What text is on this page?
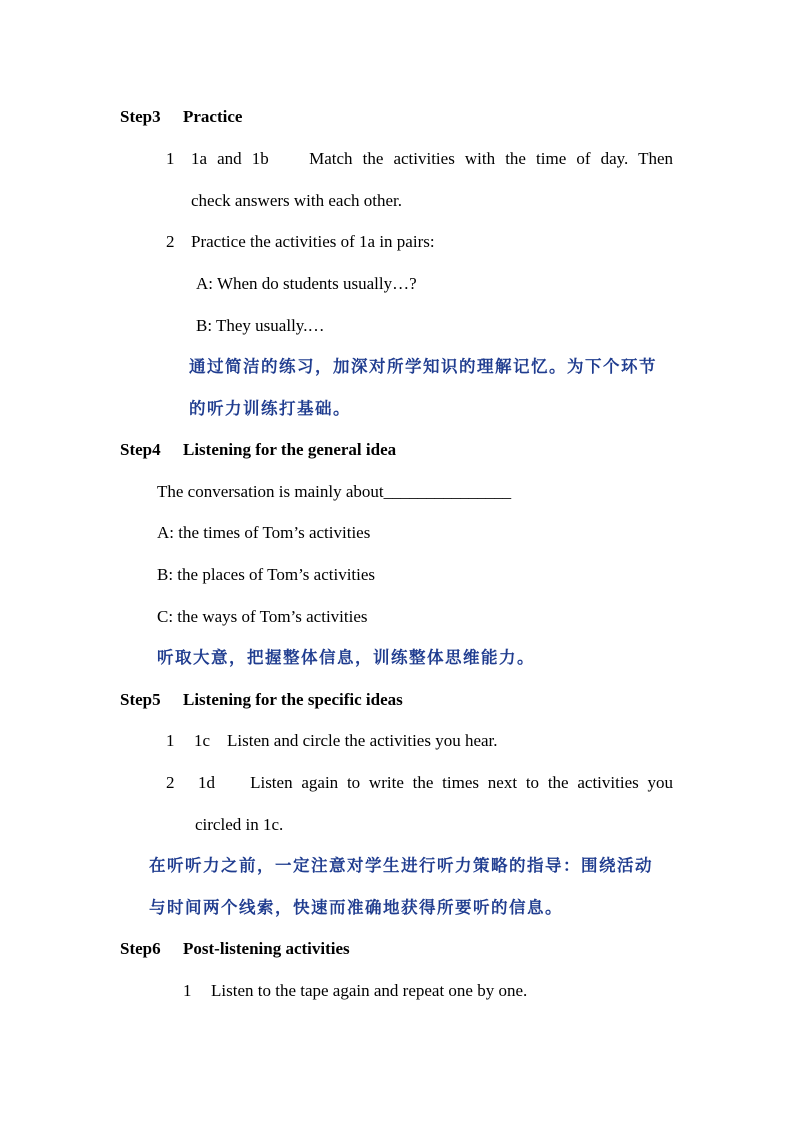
Step3 Practice
1 1a and 1b    Match the activities with the time of day. Then
check answers with each other.
2 Practice the activities of 1a in pairs:
A: When do students usually…?
B: They usually.…
通过简洁的练习，加深对所学知识的理解记忆。为下个环节
的听力训练打基础。
Step4 Listening for the general idea
The conversation is mainly about_______________
A: the times of Tom’s activities
B: the places of Tom’s activities
C: the ways of Tom’s activities
听取大意，把握整体信息，训练整体思维能力。
Step5 Listening for the specific ideas
1 1c    Listen and circle the activities you hear.
2 1d    Listen again to write the times next to the activities you
circled in 1c.
在听听力之前，一定注意对学生进行听力策略的指导：围绕活动
与时间两个线索，快速而准确地获得所要听的信息。
Step6 Post-listening activities
1 Listen to the tape again and repeat one by one.
